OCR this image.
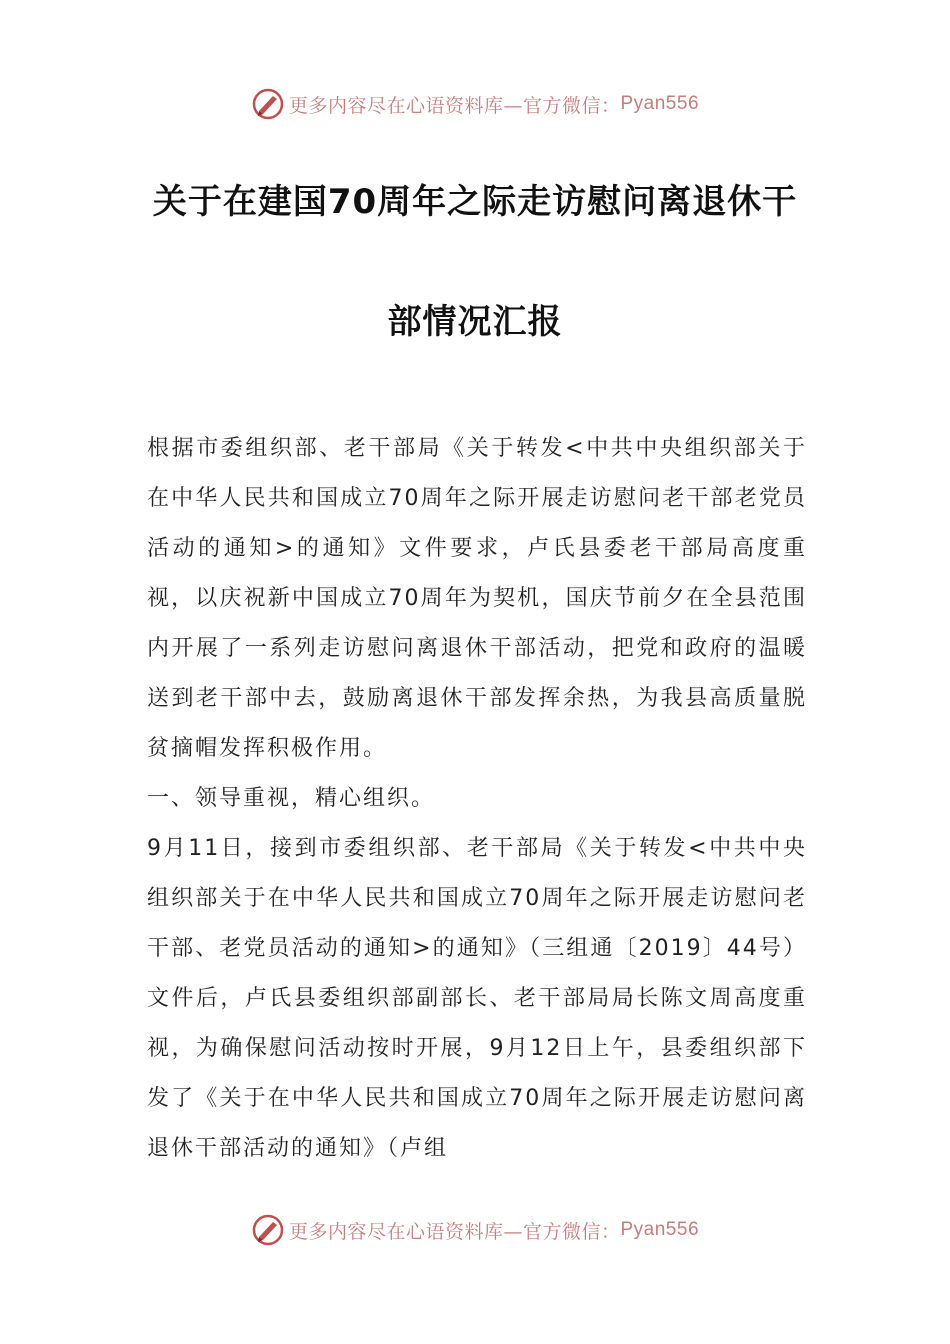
更多内容尽在心语资料库—官方微信： Pyan556
关于在建国70周年之际走访慰问离退休干
部情况汇报

根据市委组织部、老干部局《关于转发<中共中央组织部关于在中华人民共和国成立70周年之际开展走访慰问老干部老党员活动的通知>的通知》文件要求，卢氏县委老干部局高度重视，以庆祝新中国成立70周年为契机，国庆节前夕在全县范围内开展了一系列走访慰问离退休干部活动，把党和政府的温暖送到老干部中去，鼓励离退休干部发挥余热，为我县高质量脱贫摘帽发挥积极作用。

一、领导重视，精心组织。

9月11日，接到市委组织部、老干部局《关于转发<中共中央组织部关于在中华人民共和国成立70周年之际开展走访慰问老干部、老党员活动的通知>的通知》（三组通〔2019〕44号）文件后，卢氏县委组织部副部长、老干部局局长陈文周高度重视，为确保慰问活动按时开展，9月12日上午，县委组织部下发了《关于在中华人民共和国成立70周年之际开展走访慰问离退休干部活动的通知》（卢组

更多内容尽在心语资料库—官方微信： Pyan556
